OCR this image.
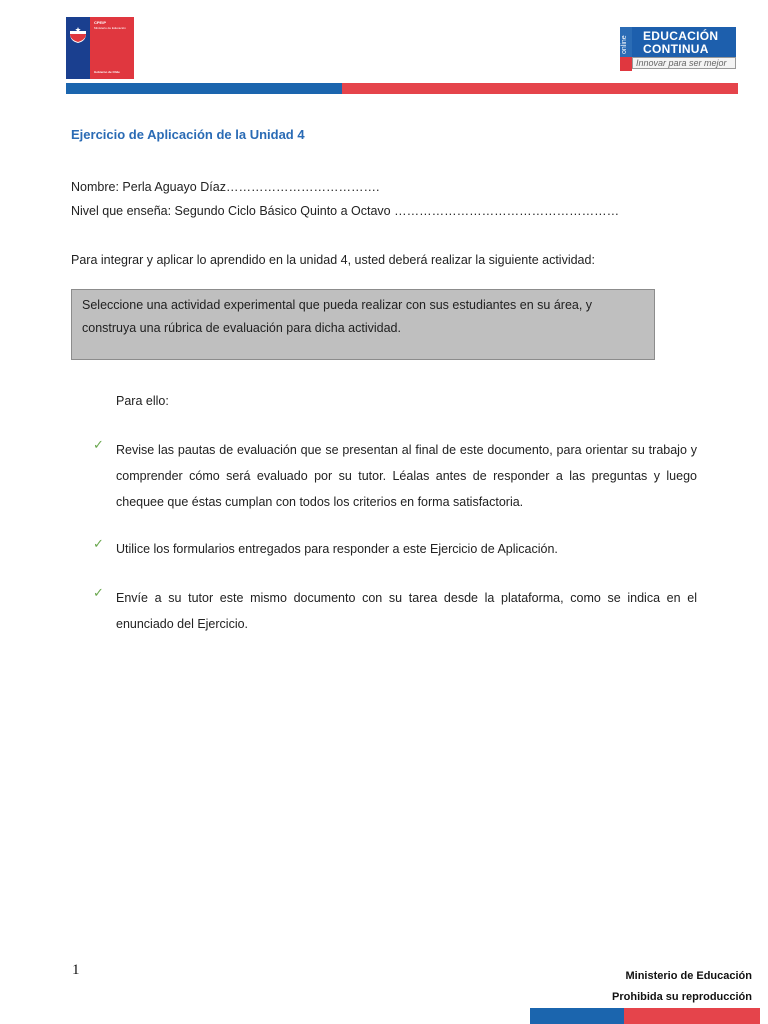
CPEIP
Ministerio de Educación
Gobierno de Chile
online EDUCACIÓN
CONTINUA
Innovar para ser mejor
Ejercicio de Aplicación de la Unidad 4
Nombre: Perla Aguayo Díaz……………………………….
Nivel que enseña: Segundo Ciclo Básico Quinto a Octavo ………………………………………………
Para integrar y aplicar lo aprendido en la unidad 4, usted deberá realizar la siguiente actividad:
Seleccione una actividad experimental que pueda realizar con sus estudiantes en su área, y construya una rúbrica de evaluación para dicha actividad.
Para ello:
✓ Revise las pautas de evaluación que se presentan al final de este documento, para orientar su trabajo y comprender cómo será evaluado por su tutor. Léalas antes de responder a las preguntas y luego chequee que éstas cumplan con todos los criterios en forma satisfactoria.
✓ Utilice los formularios entregados para responder a este Ejercicio de Aplicación.
✓ Envíe a su tutor este mismo documento con su tarea desde la plataforma, como se indica en el enunciado del Ejercicio.
1	Ministerio de Educación
Prohibida su reproducción
